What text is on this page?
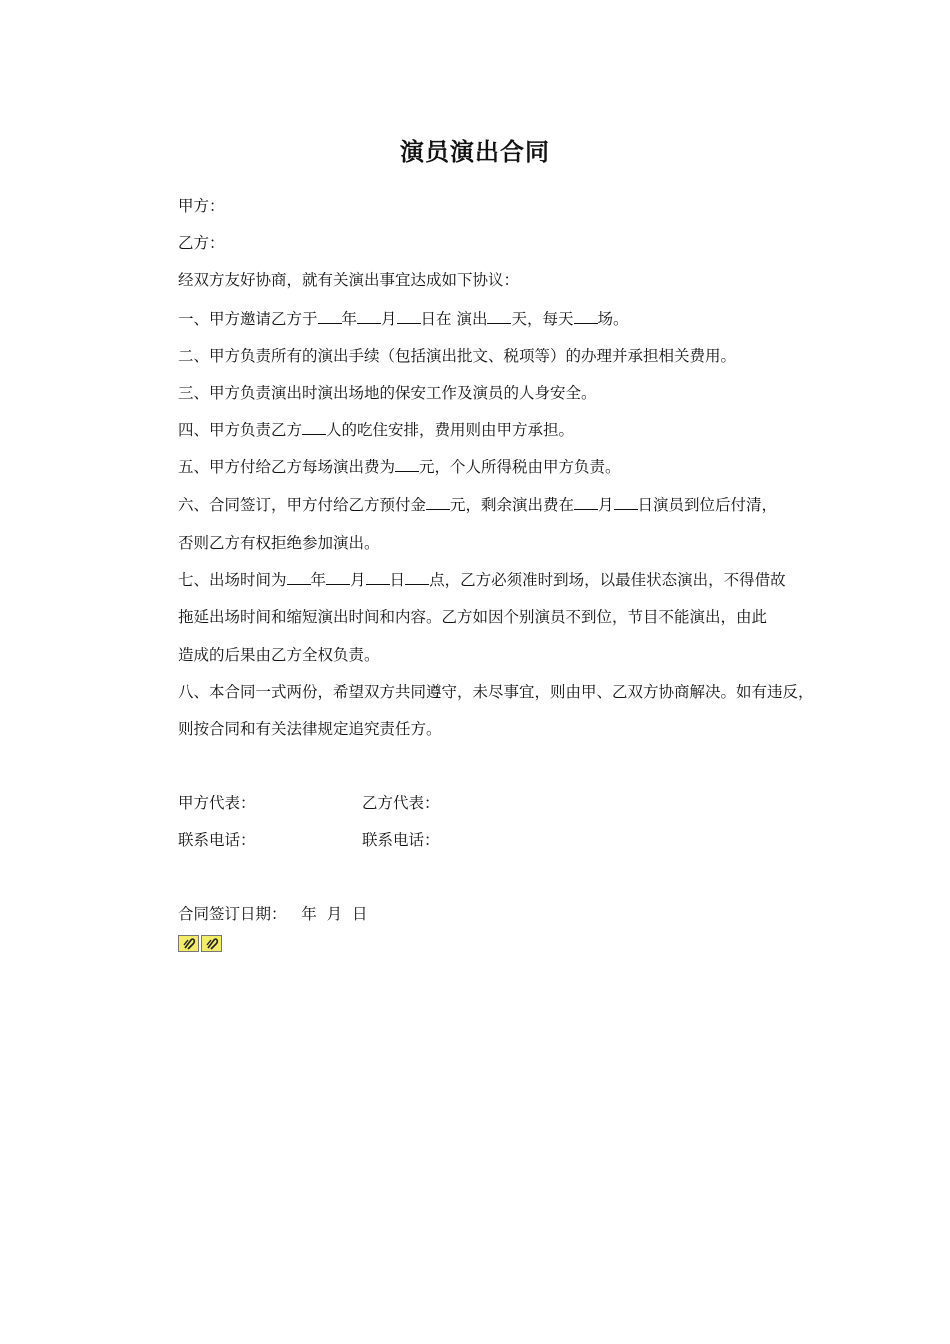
演员演出合同
甲方：
乙方：
经双方友好协商，就有关演出事宜达成如下协议：
一、甲方邀请乙方于 年 月 日在 演出 天，每天 场。
二、甲方负责所有的演出手续（包括演出批文、税项等）的办理并承担相关费用。
三、甲方负责演出时演出场地的保安工作及演员的人身安全。
四、甲方负责乙方 人的吃住安排，费用则由甲方承担。
五、甲方付给乙方每场演出费为 元，个人所得税由甲方负责。
六、合同签订，甲方付给乙方预付金 元，剩余演出费在 月 日演员到位后付清，
否则乙方有权拒绝参加演出。
七、出场时间为 年 月 日 点，乙方必须准时到场，以最佳状态演出，不得借故
拖延出场时间和缩短演出时间和内容。乙方如因个别演员不到位，节目不能演出，由此
造成的后果由乙方全权负责。
八、本合同一式两份，希望双方共同遵守，未尽事宜，则由甲、乙双方协商解决。如有违反，
则按合同和有关法律规定追究责任方。
甲方代表：	乙方代表：
联系电话：	联系电话：
合同签订日期：   年  月  日
